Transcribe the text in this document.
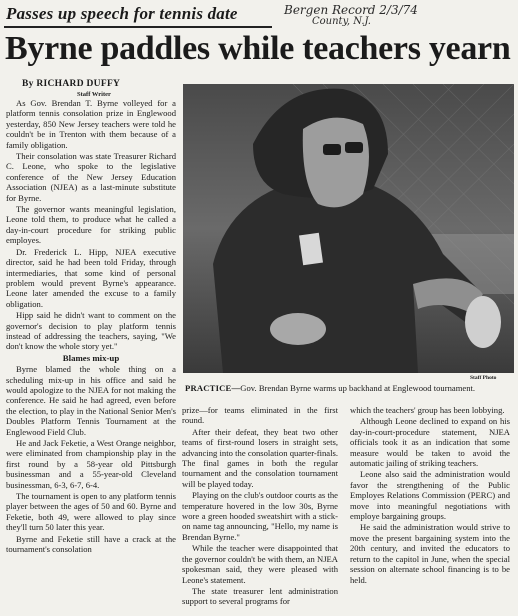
Passes up speech for tennis date	Bergen Record 2/3/74
County, N.J.
Byrne paddles while teachers yearn
By RICHARD DUFFY
Staff Writer

As Gov. Brendan T. Byrne volleyed for a platform tennis consolation prize in Englewood yesterday, 850 New Jersey teachers were told he couldn't be in Trenton with them because of a family obligation.

Their consolation was state Treasurer Richard C. Leone, who spoke to the legislative conference of the New Jersey Education Association (NJEA) as a last-minute substitute for Byrne.

The governor wants meaningful legislation, Leone told them, to produce what he called a day-in-court procedure for striking public employes.

Dr. Frederick L. Hipp, NJEA executive director, said he had been told Friday, through intermediaries, that some kind of personal problem would prevent Byrne's appearance. Leone later amended the excuse to a family obligation.

Hipp said he didn't want to comment on the governor's decision to play platform tennis instead of addressing the teachers, saying, "We don't know the whole story yet."

Blames mix-up

Byrne blamed the whole thing on a scheduling mix-up in his office and said he would apologize to the NJEA for not making the conference. He said he had agreed, even before the election, to play in the National Senior Men's Doubles Platform Tennis Tournament at the Englewood Field Club.

He and Jack Feketie, a West Orange neighbor, were eliminated from championship play in the first round by a 58-year old Pittsburgh businessman and a 55-year-old Cleveland businessman, 6-3, 6-7, 6-4.

The tournament is open to any platform tennis player between the ages of 50 and 60. Byrne and Feketie, both 49, were allowed to play since they'll turn 50 later this year.

Byrne and Feketie still have a crack at the tournament's consolation

Staff Photo
PRACTICE—Gov. Brendan Byrne warms up backhand at Englewood tournament.

prize—for teams eliminated in the first round.

After their defeat, they beat two other teams of first-round losers in straight sets, advancing into the consolation quarter-finals. The final games in both the regular tournament and the consolation tournament will be played today.

Playing on the club's outdoor courts as the temperature hovered in the low 30s, Byrne wore a green hooded sweatshirt with a stick-on name tag announcing, "Hello, my name is Brendan Byrne."

While the teacher were disappointed that the governor couldn't be with them, an NJEA spokesman said, they were pleased with Leone's statement.

The state treasurer lent administration support to several programs for

which the teachers' group has been lobbying.

Although Leone declined to expand on his day-in-court-procedure statement, NJEA officials took it as an indication that some measure would be taken to avoid the automatic jailing of striking teachers.

Leone also said the administration would favor the strengthening of the Public Employes Relations Commission (PERC) and move into meaningful negotiations with employe bargaining groups.

He said the administration would strive to move the present bargaining system into the 20th century, and invited the educators to return to the capitol in June, when the special session on alternate school financing is to be held.
